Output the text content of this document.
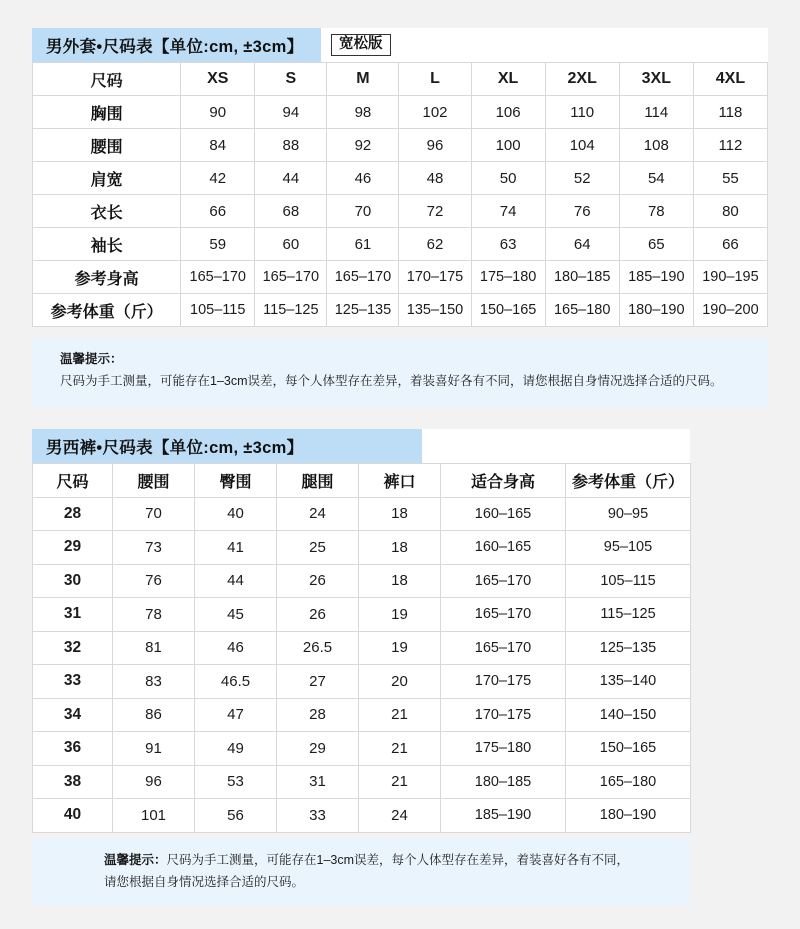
男外套•尺码表【单位:cm, ±3cm】	宽松版
尺码	XS	S	M	L	XL	2XL	3XL	4XL
胸围	90	94	98	102	106	110	114	118
腰围	84	88	92	96	100	104	108	112
肩宽	42	44	46	48	50	52	54	55
衣长	66	68	70	72	74	76	78	80
袖长	59	60	61	62	63	64	65	66
参考身高	165–170	165–170	165–170	170–175	175–180	180–185	185–190	190–195
参考体重（斤）	105–115	115–125	125–135	135–150	150–165	165–180	180–190	190–200
温馨提示：
尺码为手工测量，可能存在1–3cm误差，每个人体型存在差异，着装喜好各有不同，请您根据自身情况选择合适的尺码。
男西裤•尺码表【单位:cm, ±3cm】
尺码	腰围	臀围	腿围	裤口	适合身高	参考体重（斤）
28	70	40	24	18	160–165	90–95
29	73	41	25	18	160–165	95–105
30	76	44	26	18	165–170	105–115
31	78	45	26	19	165–170	115–125
32	81	46	26.5	19	165–170	125–135
33	83	46.5	27	20	170–175	135–140
34	86	47	28	21	170–175	140–150
36	91	49	29	21	175–180	150–165
38	96	53	31	21	180–185	165–180
40	101	56	33	24	185–190	180–190
温馨提示：尺码为手工测量，可能存在1–3cm误差，每个人体型存在差异，着装喜好各有不同，
请您根据自身情况选择合适的尺码。
